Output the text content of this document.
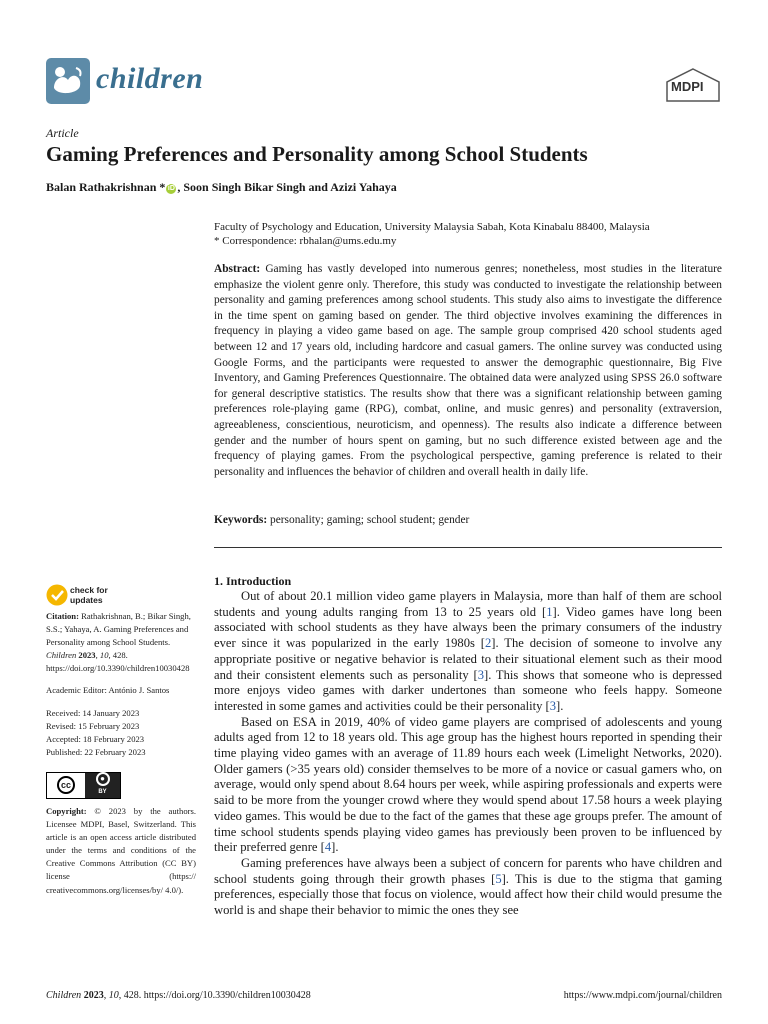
children	MDPI
Article
Gaming Preferences and Personality among School Students
Balan Rathakrishnan * iD , Soon Singh Bikar Singh and Azizi Yahaya
Faculty of Psychology and Education, University Malaysia Sabah, Kota Kinabalu 88400, Malaysia
* Correspondence: rbhalan@ums.edu.my
Abstract: Gaming has vastly developed into numerous genres; nonetheless, most studies in the literature emphasize the violent genre only. Therefore, this study was conducted to investigate the relationship between personality and gaming preferences among school students. This study also aims to investigate the difference in the time spent on gaming based on gender. The third objective involves examining the differences in frequency in playing a video game based on age. The sample group comprised 420 school students aged between 12 and 17 years old, including hardcore and casual gamers. The online survey was conducted using Google Forms, and the participants were requested to answer the demographic questionnaire, Big Five Inventory, and Gaming Preferences Questionnaire. The obtained data were analyzed using SPSS 26.0 software for general descriptive statistics. The results show that there was a significant relationship between gaming preferences role-playing game (RPG), combat, online, and music genres) and personality (extraversion, agreeableness, conscientious, neuroticism, and openness). The results also indicate a difference between gender and the number of hours spent on gaming, but no such difference existed between age and the frequency of playing games. From the psychological perspective, gaming preference is related to their personality and influences the behavior of children and overall health in daily life.
Keywords: personality; gaming; school student; gender
check for
updates

Citation: Rathakrishnan, B.; Bikar Singh, S.S.; Yahaya, A. Gaming Preferences and Personality among School Students. Children 2023, 10, 428. https://doi.org/10.3390/children10030428

Academic Editor: António J. Santos

Received: 14 January 2023

Revised: 15 February 2023

Accepted: 18 February 2023

Published: 22 February 2023

cc
●
BY

Copyright: © 2023 by the authors. Licensee MDPI, Basel, Switzerland. This article is an open access article distributed under the terms and conditions of the Creative Commons Attribution (CC BY) license (https:// creativecommons.org/licenses/by/ 4.0/).

1. Introduction

Out of about 20.1 million video game players in Malaysia, more than half of them are school students and young adults ranging from 13 to 25 years old [1]. Video games have long been associated with school students as they have always been the primary consumers of the industry ever since it was popularized in the early 1980s [2]. The decision of someone to involve any appropriate positive or negative behavior is related to their situational element such as their mood and their consistent elements such as personality [3]. This shows that someone who is depressed more enjoys video games with darker undertones than someone who feels happy. Someone interested in some games and activities could be their personality [3].

Based on ESA in 2019, 40% of video game players are comprised of adolescents and young adults aged from 12 to 18 years old. This age group has the highest hours reported in spending their time playing video games with an average of 11.89 hours each week (Limelight Networks, 2020). Older gamers (>35 years old) consider themselves to be more of a novice or casual gamers who, on average, would only spend about 8.64 hours per week, while aspiring professionals and experts were said to be more from the younger crowd where they would spend about 17.58 hours a week playing video games. This would be due to the fact of the games that these age groups prefer. The amount of time school students spends playing video games has previously been proven to be influenced by their preferred genre [4].

Gaming preferences have always been a subject of concern for parents who have children and school students going through their growth phases [5]. This is due to the stigma that gaming preferences, especially those that focus on violence, would affect how their child would presume the world is and shape their behavior to mimic the ones they see

Children 2023, 10, 428. https://doi.org/10.3390/children10030428	https://www.mdpi.com/journal/children
